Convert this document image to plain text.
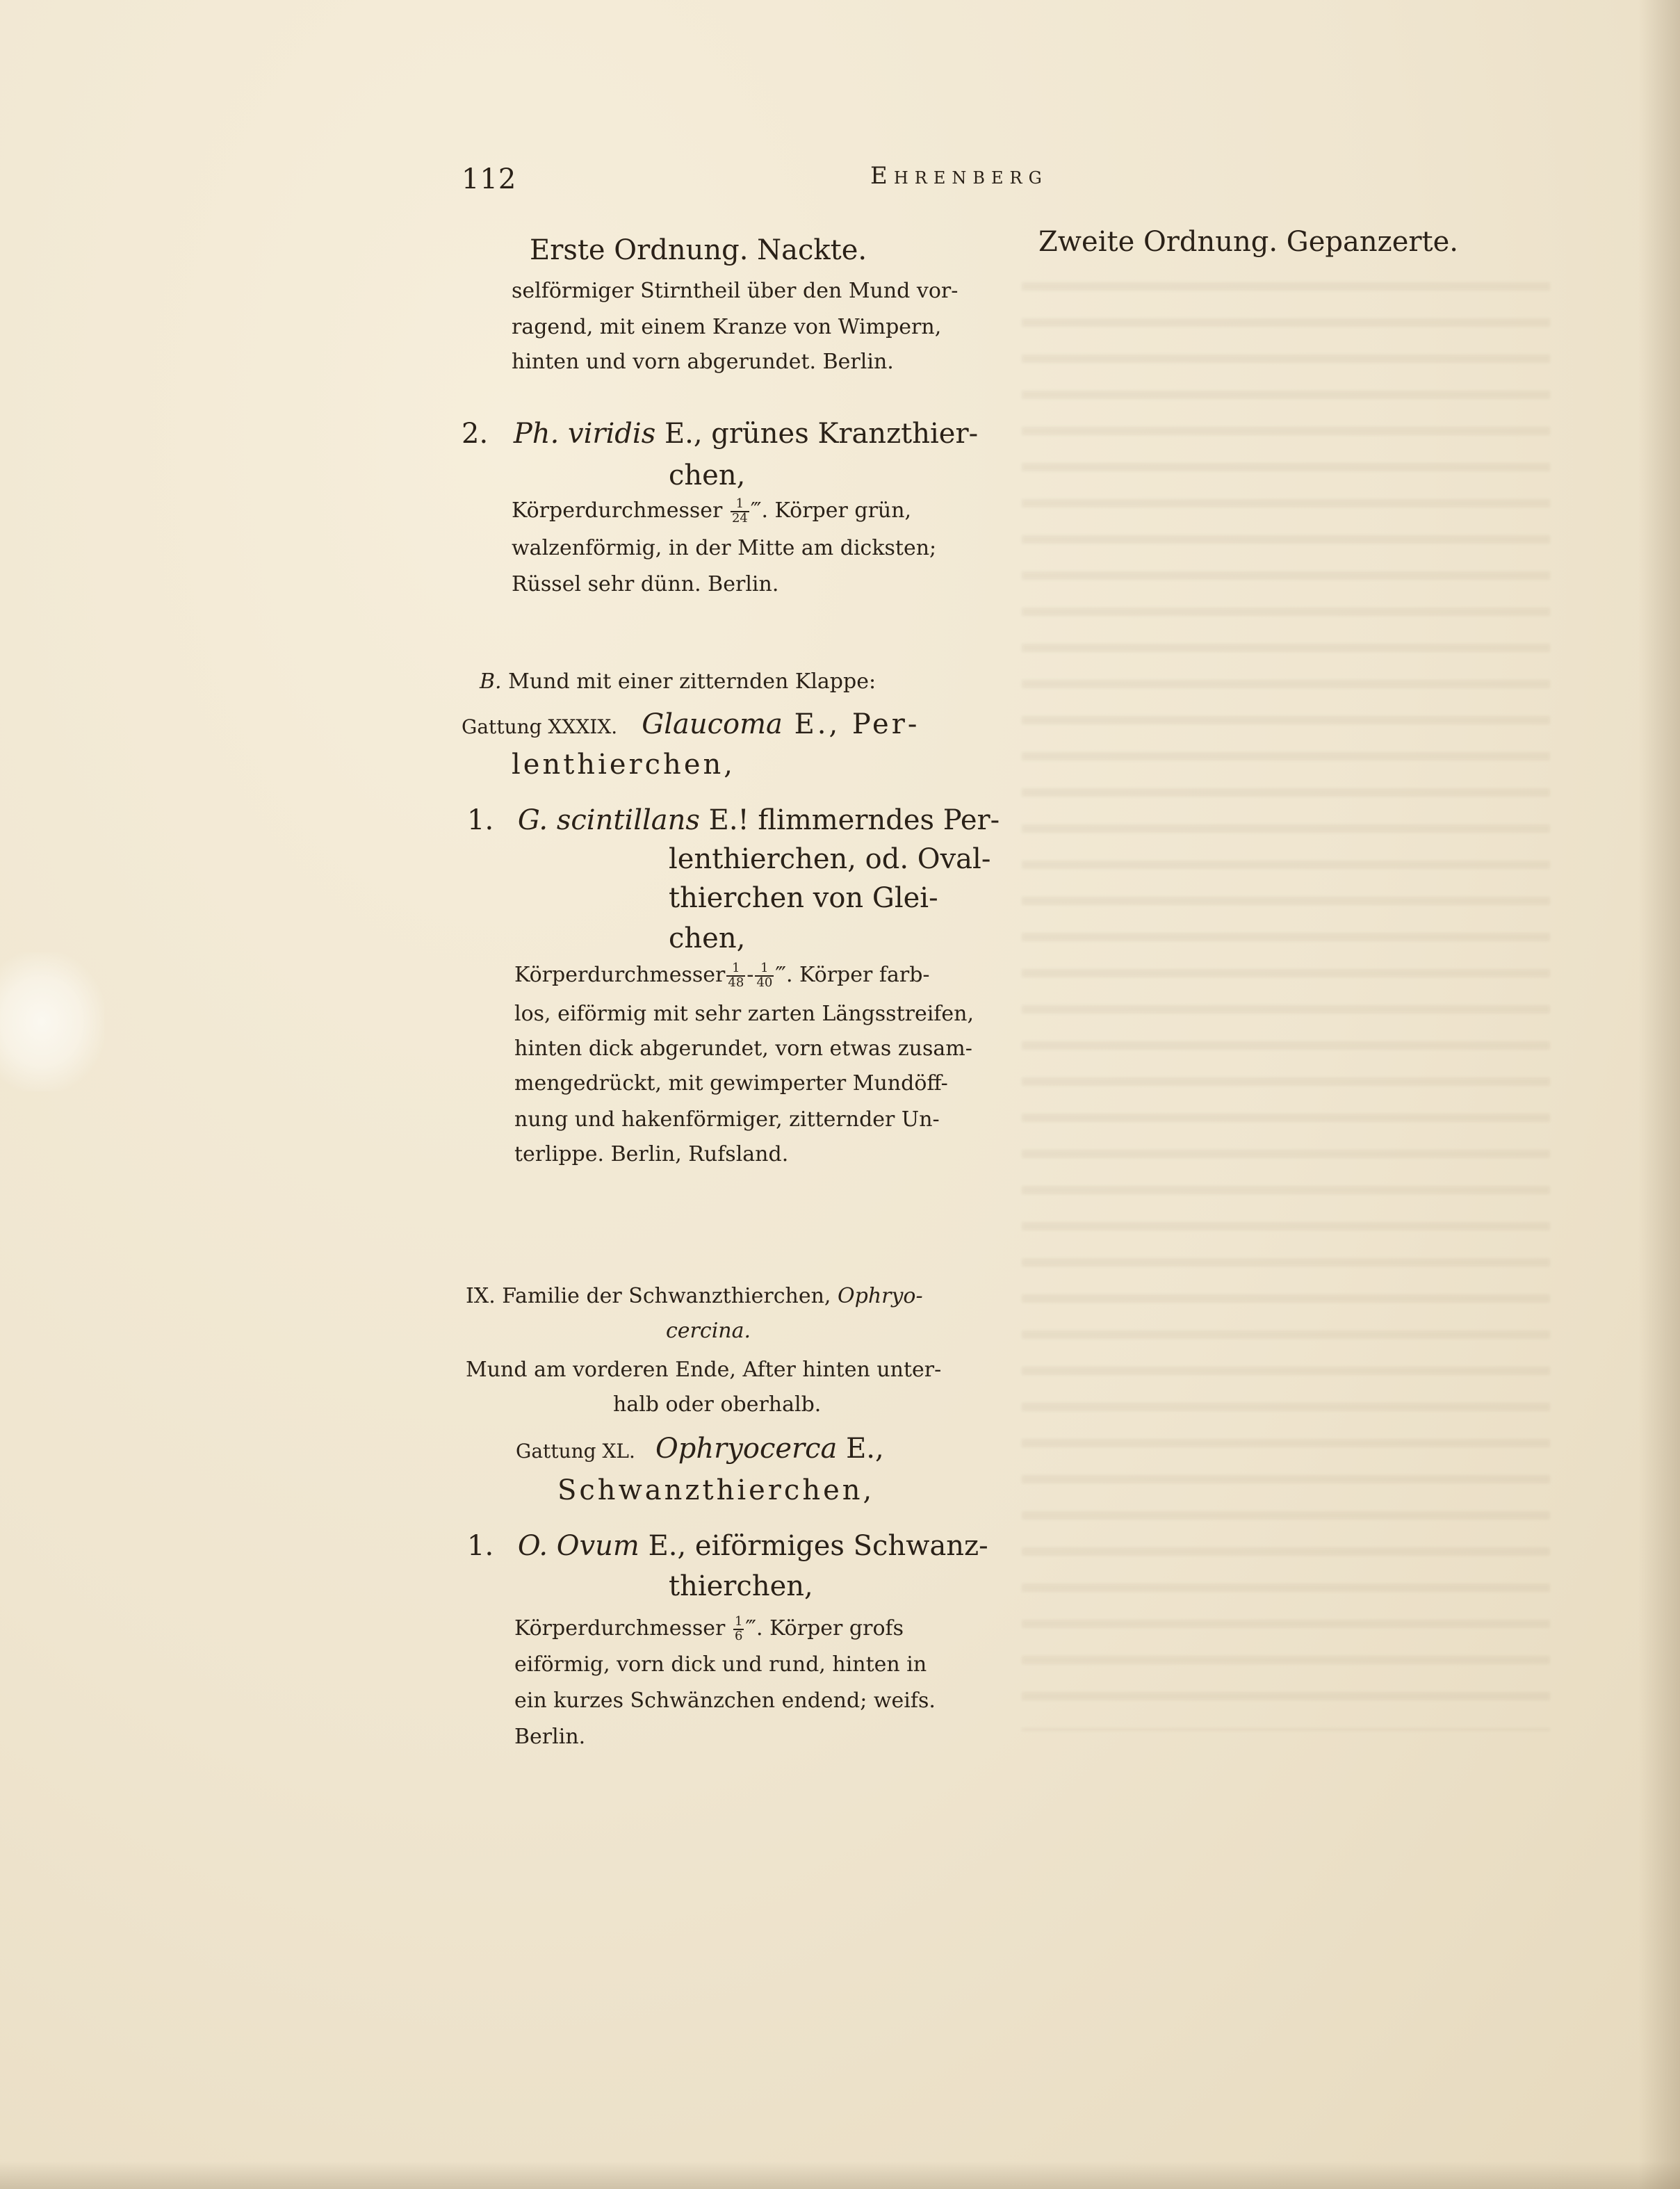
112	Ehrenberg
Erste Ordnung. Nackte.	Zweite Ordnung. Gepanzerte.
selförmiger Stirntheil über den Mund vor-
ragend, mit einem Kranze von Wimpern,
hinten und vorn abgerundet. Berlin.
2. Ph. viridis E., grünes Kranzthier-
chen,
Körperdurchmesser $\frac{1}{24}$ ‴. Körper grün,
walzenförmig, in der Mitte am dicksten;
Rüssel sehr dünn. Berlin.
B. Mund mit einer zitternden Klappe:
Gattung XXXIX. Glaucoma E., Per-
lenthierchen,
1. G. scintillans E.! flimmerndes Per-
lenthierchen, od. Oval-
thierchen von Glei-
chen,
Körperdurchmesser $\frac{1}{48} - \frac{1}{40}$ ‴. Körper farb-
los, eiförmig mit sehr zarten Längsstreifen,
hinten dick abgerundet, vorn etwas zusam-
mengedrückt, mit gewimperter Mundöff-
nung und hakenförmiger, zitternder Un-
terlippe. Berlin, Rufsland.
IX. Familie der Schwanzthierchen, Ophryo-
cercina.
Mund am vorderen Ende, After hinten unter-
halb oder oberhalb.
Gattung XL. Ophryocerca E.,
Schwanzthierchen,
1. O. Ovum E., eiförmiges Schwanz-
thierchen,
Körperdurchmesser $\frac{1}{6}$ ‴. Körper grofs
eiförmig, vorn dick und rund, hinten in
ein kurzes Schwänzchen endend; weifs.
Berlin.
